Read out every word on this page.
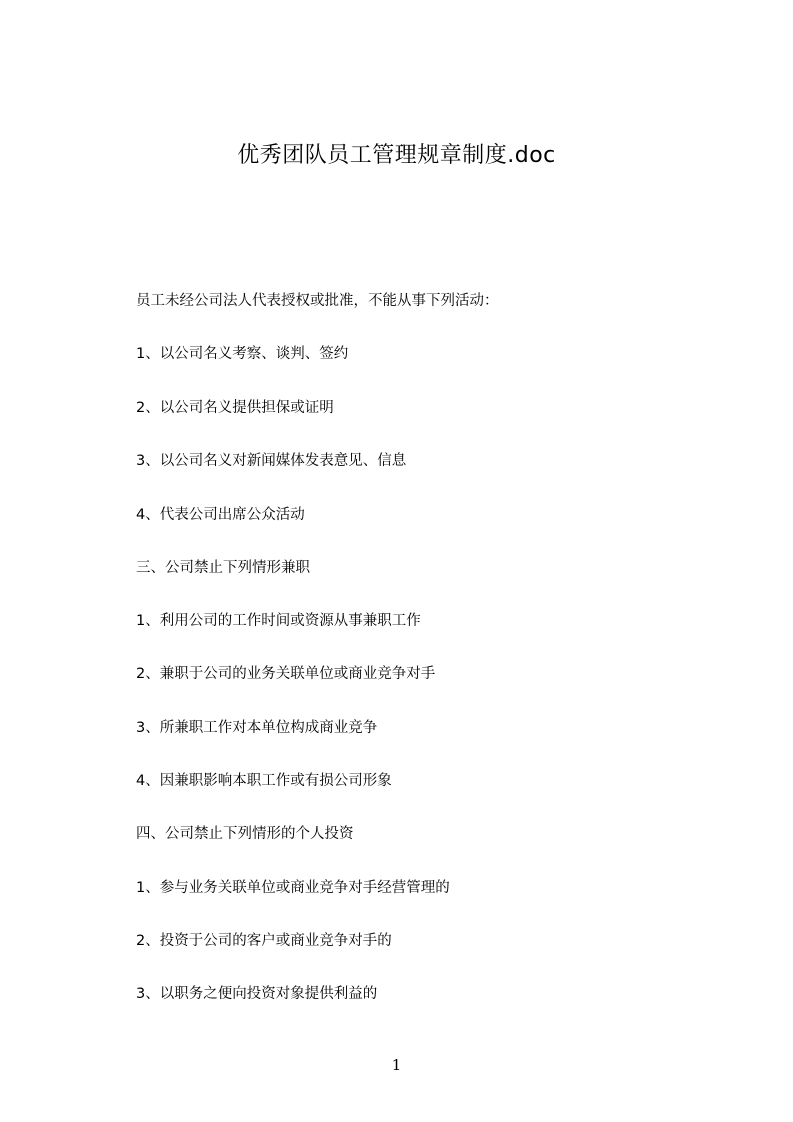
优秀团队员工管理规章制度.doc
员工未经公司法人代表授权或批准，不能从事下列活动：
1、以公司名义考察、谈判、签约
2、以公司名义提供担保或证明
3、以公司名义对新闻媒体发表意见、信息
4、代表公司出席公众活动
三、公司禁止下列情形兼职
1、利用公司的工作时间或资源从事兼职工作
2、兼职于公司的业务关联单位或商业竞争对手
3、所兼职工作对本单位构成商业竞争
4、因兼职影响本职工作或有损公司形象
四、公司禁止下列情形的个人投资
1、参与业务关联单位或商业竞争对手经营管理的
2、投资于公司的客户或商业竞争对手的
3、以职务之便向投资对象提供利益的
1
